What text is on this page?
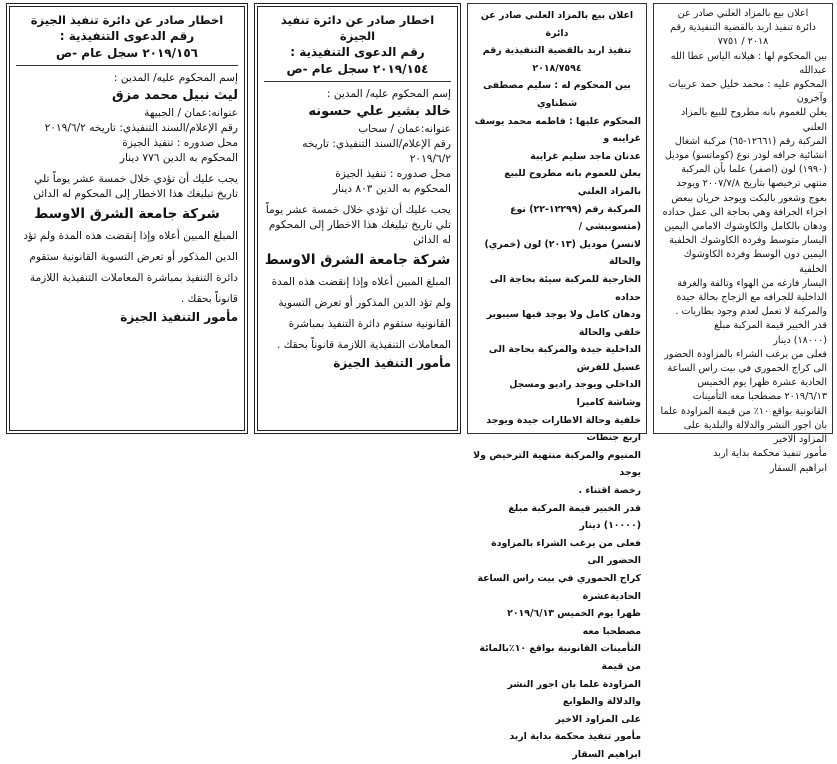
اعلان بيع بالمزاد العلني صادر عن
دائرة تنفيذ اربد بالقضية التنفيذية رقم
٢٠١٨ / ٧٧٥١
بين المحكوم لها : هيلانه الياس عطا الله عبدالله
المحكوم عليه : محمد خليل حمد عربيات
وآخرون
يعلن للعموم بانه مطروح للبيع بالمزاد العلني
المركبة رقم (١٢٦٦١-٦٥) مركبة اشغال
انشائية جرافه لودر نوع (كوماتسو) موديل
(١٩٩٠) لون (اصفر) علما بأن المركبة
منتهي ترخيصها بتاريخ ٢٠٠٧/٧/٨ ويوجد
بعوج وشعور بالبكت ويوجد حريان ببعض
اجزاء الجرافة وهي بحاجة الى عمل حداده
ودهان بالكامل والكاوشوك الامامي اليمين
اليسار متوسط وفردة الكاوشوك الخلفية
اليمين دون الوسط وفردة الكاوشوك الخلفية
اليسار فارغه من الهواء وتالفة والغرفة
الداخلية للجرافه مع الزجاج بحالة جيدة
والمركبة لا تعمل لعدم وجود بطاريات .
قدر الخبير قيمة المركبة مبلغ
(١٨٠٠٠) دينار
فعلى من يرغب الشراء بالمزاودة الحضور
الى كراج الحموري في بيت راس الساعة
الحادية عشرة ظهرا يوم الخميس
٢٠١٩/٦/١٣ مصطحبا معه التأمينات
القانونية بواقع ١٠٪ من قيمة المزاودة علما
بان اجور النشر والدلالة والبلدية على
المزاود الاخير
مأمور تنفيذ محكمة بداية اربد
ابراهيم السقار
اعلان بيع بالمزاد العلني صادر عن دائرة
تنفيذ اربد بالقضية التنفيذية رقم ٢٠١٨/٧٥٩٤
بين المحكوم له : سليم مصطفى شطناوي
المحكوم عليها : فاطمه محمد يوسف غرايبه و
عدنان ماجد سليم غرايبة
يعلن للعموم بانه مطروح للبيع بالمزاد العلني
المركبة رقم (١٢٢٩٩-٢٢) نوع (متسوبيشي /
لانسر) موديل (٢٠١٣) لون (خمري) والحالة
الخارجية للمركبة سيئة بحاجة الى حداده
ودهان كامل ولا يوجد فيها سيبوير خلفي والحالة
الداخلية جيدة والمركبة بحاجة الى غسيل للفرش
الداخلي ويوجد راديو ومسجل وشاشة كاميرا
خلفية وحالة الاطارات جيدة ويوجد اربع جنطات
المنيوم والمركبة منتهية الترخيص ولا يوجد
رخصة اقتناء .
قدر الخبير قيمة المركبة مبلغ (١٠٠٠٠) دينار
فعلى من يرغب الشراء بالمزاودة الحضور الى
كراج الحموري في بيت راس الساعة الحاديةعشرة
ظهرا يوم الخميس ٢٠١٩/٦/١٣ مصطحبا معه
التأمينات القانونية بواقع ١٠٪بالمائة من قيمة
المزاودة علما بان اجور النشر والدلالة والطوابع
على المزاود الاخير
مأمور تنفيذ محكمة بداية اربد
ابراهيم السقار
اخطار صادر عن دائرة تنفيذ الجيزة
رقم الدعوى التنفيذية :
٢٠١٩/١٥٤ سجل عام -ص
إسم المحكوم عليه/ المدين :
خالد بشير علي حسونه
عنوانه:عمان / سحاب
رقم الإعلام/السند التنفيذي: تاريخه ٢٠١٩/٦/٢
محل صدوره : تنفيذ الجيزة
المحكوم به الدين ٨٠٣ دينار
يجب عليك أن تؤدي خلال خمسة عشر يوماً تلي تاريخ تبليغك هذا الاخطار إلى المحكوم له الدائن
شركة جامعة الشرق الاوسط
المبلغ المبين أعلاه وإذا إنقضت هذه المدة ولم تؤد الدين المذكور أو تعرض التسوية القانونية ستقوم دائرة التنفيذ بمباشرة المعاملات التنفيذية اللازمة قانوناً بحقك .
مأمور التنفيذ الجيزة
اخطار صادر عن دائرة تنفيذ الجيزة
رقم الدعوى التنفيذية :
٢٠١٩/١٥٦ سجل عام -ص
إسم المحكوم عليه/ المدين :
ليث نبيل محمد مزق
عنوانه:عمان / الجبيهة
رقم الإعلام/السند التنفيذي: تاريخه ٢٠١٩/٦/٢
محل صدوره : تنفيذ الجيزة
المحكوم به الدين ٧٧٦ دينار
يجب عليك أن تؤدي خلال خمسة عشر يوماً تلي تاريخ تبليغك هذا الاخطار إلى المحكوم له الدائن
شركة جامعة الشرق الاوسط
المبلغ المبين أعلاه وإذا إنقضت هذه المدة ولم تؤد الدين المذكور أو تعرض التسوية القانونية ستقوم دائرة التنفيذ بمباشرة المعاملات التنفيذية اللازمة قانوناً بحقك .
مأمور التنفيذ الجيزة
